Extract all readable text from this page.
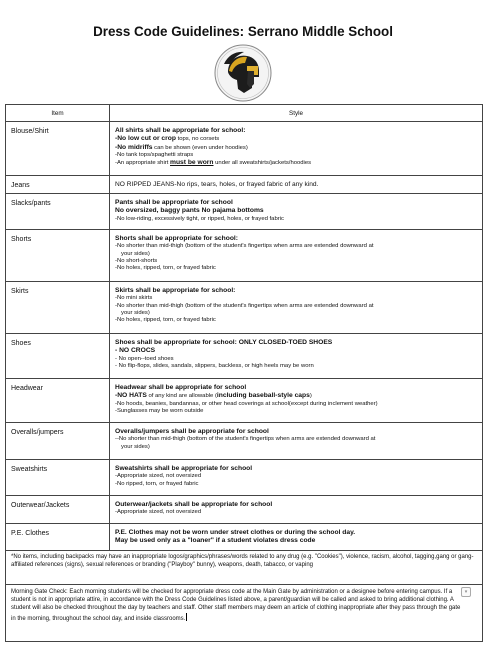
Dress Code Guidelines: Serrano Middle School
Item	Style
Blouse/Shirt	All shirts shall be appropriate for school:
-No low cut or crop tops, no corsets
-No midriffs can be shown (even under hoodies)
-No tank tops/spaghetti straps
-An appropriate shirt must be worn under all sweatshirts/jackets/hoodies

Jeans	NO RIPPED JEANS-No rips, tears, holes, or frayed fabric of any kind.
Slacks/pants	Pants shall be appropriate for school
No oversized, baggy pants No pajama bottoms
-No low-riding, excessively tight, or ripped, holes, or frayed fabric

Shorts	Shorts shall be appropriate for school:
-No shorter than mid-thigh (bottom of the student's fingertips when arms are extended downward at
your sides)
-No short-shorts
-No holes, ripped, torn, or frayed fabric

Skirts	Skirts shall be appropriate for school:
-No mini skirts
-No shorter than mid-thigh (bottom of the student's fingertips when arms are extended downward at
your sides)
-No holes, ripped, torn, or frayed fabric

Shoes	Shoes shall be appropriate for school: ONLY CLOSED-TOED SHOES
- NO CROCS
- No open--toed shoes
- No flip-flops, slides, sandals, slippers, backless, or high heels may be worn

Headwear	Headwear shall be appropriate for school
-NO HATS of any kind are allowable (including baseball-style caps)
-No hoods, beanies, bandannas, or other head coverings at school(except during inclement weather)
-Sunglasses may be worn outside

Overalls/jumpers	Overalls/jumpers shall be appropriate for school
--No shorter than mid-thigh (bottom of the student's fingertips when arms are extended downward at
your sides)

Sweatshirts	Sweatshirts shall be appropriate for school
-Appropriate sized, not oversized
-No ripped, torn, or frayed fabric

Outerwear/Jackets	Outerwear/jackets shall be appropriate for school
-Appropriate sized, not oversized

P.E. Clothes	P.E. Clothes may not be worn under street clothes or during the school day.
May be used only as a "loaner" if a student violates dress code

*No items, including backpacks may have an inappropriate logos/graphics/phrases/words related to any drug (e.g. "Cookies"), violence, racism, alcohol, tagging,gang or gang-affiliated references (signs), sexual references or branding ("Playboy" bunny), weapons, death, tabacco, or vaping	
Morning Gate Check: Each morning students will be checked for appropriate dress code at the Main Gate by administration or a designee before entering campus. If a student is not in appropriate attire, in accordance with the Dress Code Guidelines listed above, a parent/guardian will be called and asked to bring additional clothing. A student will also be checked throughout the day by teachers and staff. Other staff members may deem an article of clothing inappropriate after they pass through the gate in the morning, throughout the school day, and inside classrooms.
▾	
